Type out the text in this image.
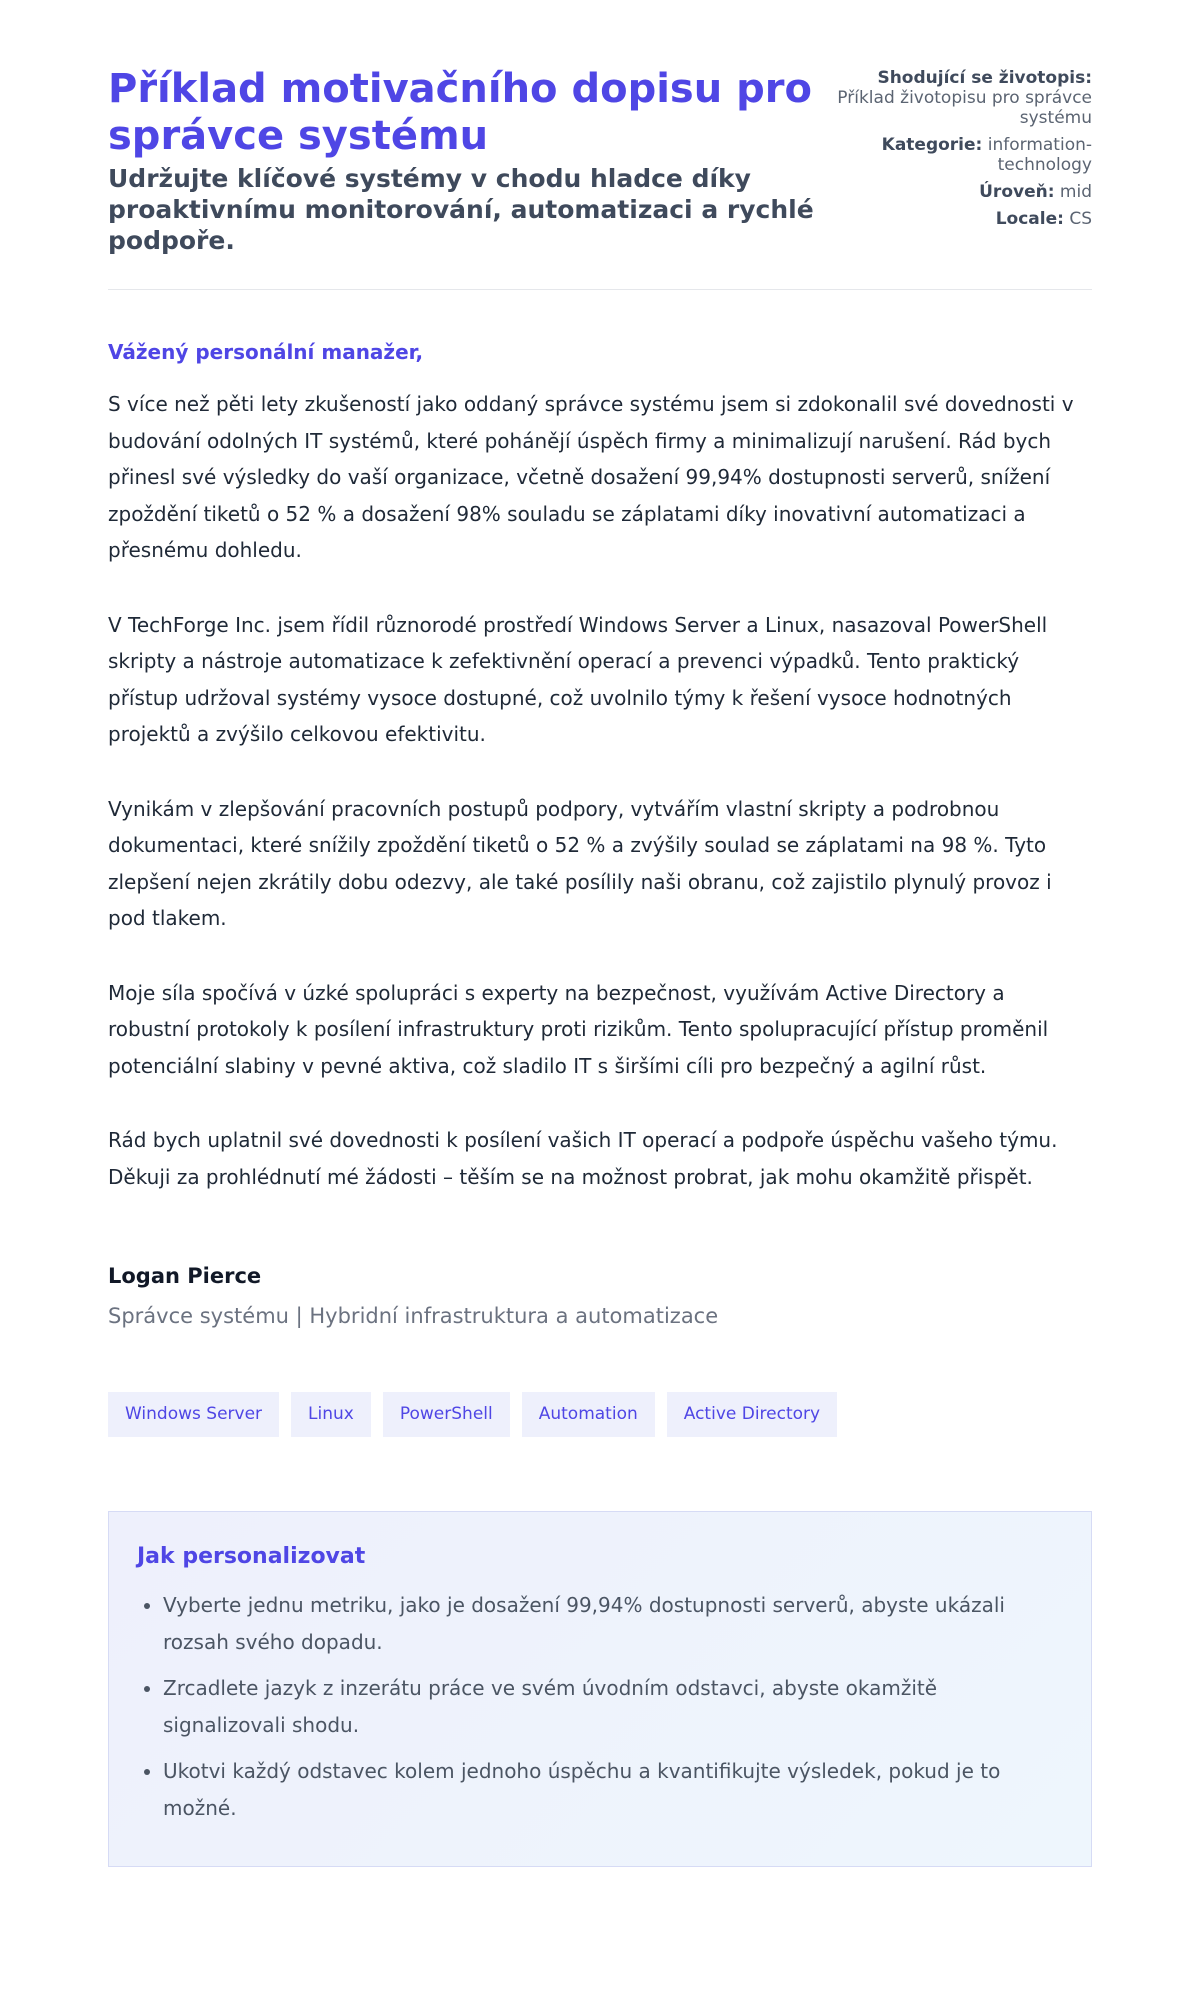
Příklad motivačního dopisu pro správce systému
Udržujte klíčové systémy v chodu hladce díky proaktivnímu monitorování, automatizaci a rychlé podpoře.
Shodující se životopis:
Příklad životopisu pro správce systému
Kategorie: information-technology
Úroveň: mid
Locale: CS

Vážený personální manažer,

S více než pěti lety zkušeností jako oddaný správce systému jsem si zdokonalil své dovednosti v budování odolných IT systémů, které pohánějí úspěch firmy a minimalizují narušení. Rád bych přinesl své výsledky do vaší organizace, včetně dosažení 99,94% dostupnosti serverů, snížení zpoždění tiketů o 52 % a dosažení 98% souladu se záplatami díky inovativní automatizaci a přesnému dohledu.

V TechForge Inc. jsem řídil různorodé prostředí Windows Server a Linux, nasazoval PowerShell skripty a nástroje automatizace k zefektivnění operací a prevenci výpadků. Tento praktický přístup udržoval systémy vysoce dostupné, což uvolnilo týmy k řešení vysoce hodnotných projektů a zvýšilo celkovou efektivitu.

Vynikám v zlepšování pracovních postupů podpory, vytvářím vlastní skripty a podrobnou dokumentaci, které snížily zpoždění tiketů o 52 % a zvýšily soulad se záplatami na 98 %. Tyto zlepšení nejen zkrátily dobu odezvy, ale také posílily naši obranu, což zajistilo plynulý provoz i pod tlakem.

Moje síla spočívá v úzké spolupráci s experty na bezpečnost, využívám Active Directory a robustní protokoly k posílení infrastruktury proti rizikům. Tento spolupracující přístup proměnil potenciální slabiny v pevné aktiva, což sladilo IT s širšími cíli pro bezpečný a agilní růst.

Rád bych uplatnil své dovednosti k posílení vašich IT operací a podpoře úspěchu vašeho týmu. Děkuji za prohlédnutí mé žádosti – těším se na možnost probrat, jak mohu okamžitě přispět.

Logan Pierce

Správce systému | Hybridní infrastruktura a automatizace

Windows Server	Linux	PowerShell	Automation	Active Directory
Jak personalizovat
• Vyberte jednu metriku, jako je dosažení 99,94% dostupnosti serverů, abyste ukázali rozsah svého dopadu.
• Zrcadlete jazyk z inzerátu práce ve svém úvodním odstavci, abyste okamžitě signalizovali shodu.
• Ukotvi každý odstavec kolem jednoho úspěchu a kvantifikujte výsledek, pokud je to možné.
